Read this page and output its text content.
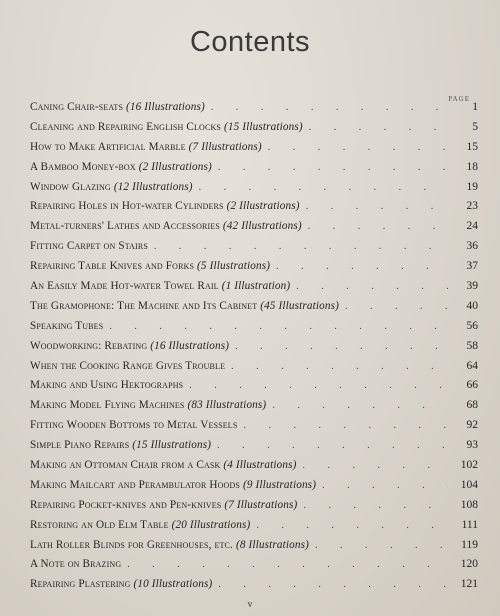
Contents
PAGE
Caning Chair-seats (16 Illustrations) . . .	1
Cleaning and Repairing English Clocks (15 Illustrations) . . .	5
How to Make Artificial Marble (7 Illustrations) . . .	15
A Bamboo Money-box (2 Illustrations) . . .	18
Window Glazing (12 Illustrations) . . .	19
Repairing Holes in Hot-water Cylinders (2 Illustrations) . . .	23
Metal-turners' Lathes and Accessories (42 Illustrations) . . .	24
Fitting Carpet on Stairs . . .	36
Repairing Table Knives and Forks (5 Illustrations) . . .	37
An Easily Made Hot-water Towel Rail (1 Illustration) . . .	39
The Gramophone: The Machine and Its Cabinet (45 Illustrations) . . .	40
Speaking Tubes . . .	56
Woodworking: Rebating (16 Illustrations) . . .	58
When the Cooking Range Gives Trouble . . .	64
Making and Using Hektographs . . .	66
Making Model Flying Machines (83 Illustrations) . . .	68
Fitting Wooden Bottoms to Metal Vessels . . .	92
Simple Piano Repairs (15 Illustrations) . . .	93
Making an Ottoman Chair from a Cask (4 Illustrations) . . .	102
Making Mailcart and Perambulator Hoods (9 Illustrations) . . .	104
Repairing Pocket-knives and Pen-knives (7 Illustrations) . . .	108
Restoring an Old Elm Table (20 Illustrations) . . .	111
Lath Roller Blinds for Greenhouses, etc. (8 Illustrations) . . .	119
A Note on Brazing . . .	120
Repairing Plastering (10 Illustrations) . . .	121
v
